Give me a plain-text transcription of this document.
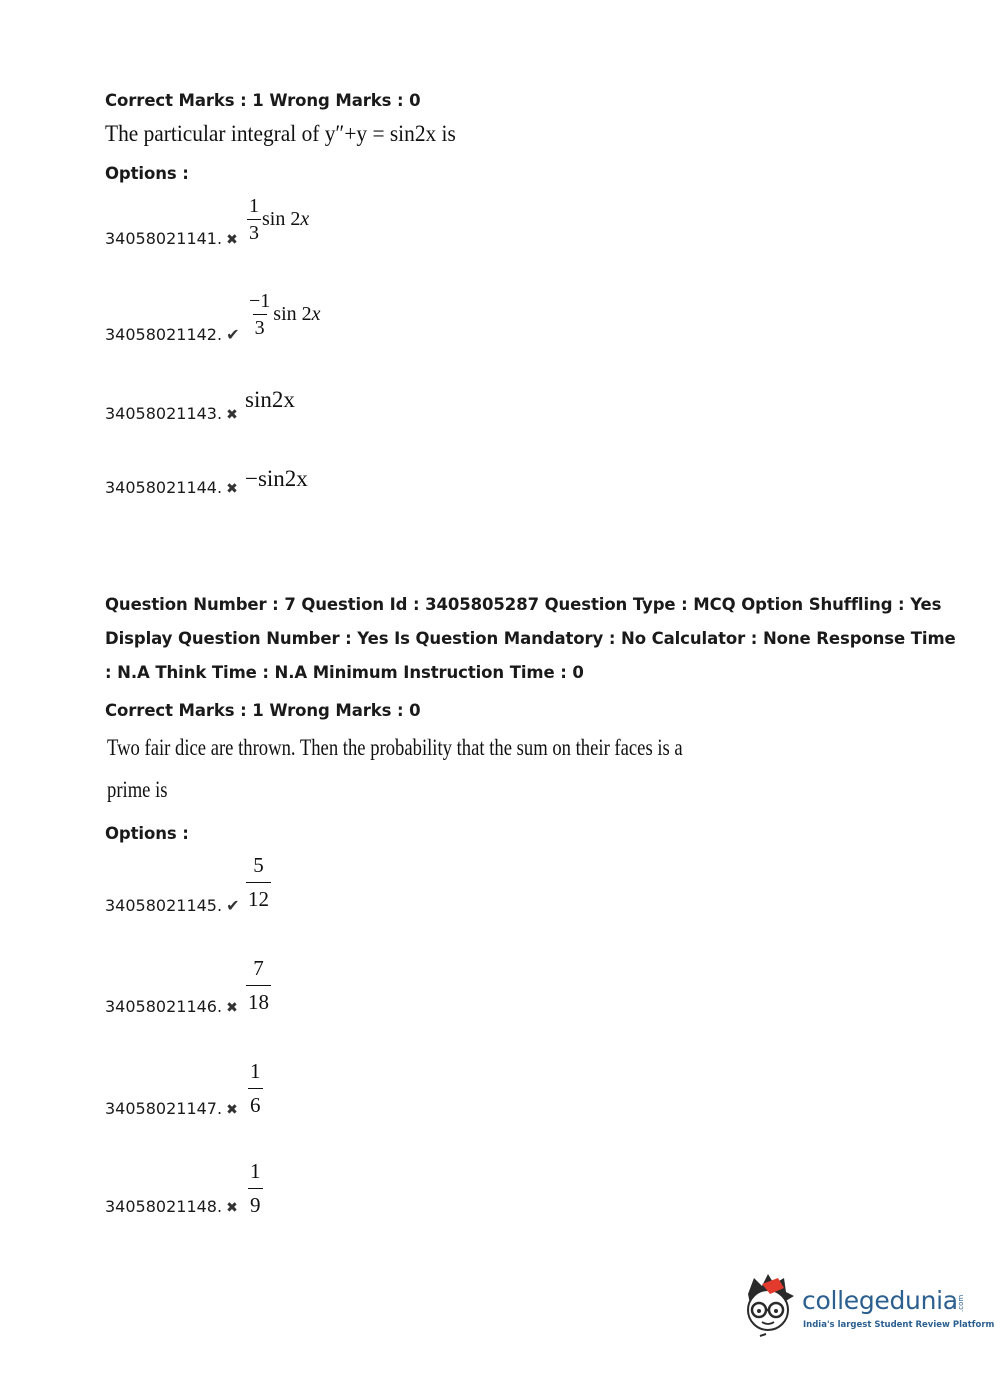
Correct Marks : 1 Wrong Marks : 0
The particular integral of y″+y = sin2x is
Options :
34058021141. ✖ $\frac{1}{3}$ sin 2x
34058021142. ✔ $\frac{-1}{3}$ sin 2x
34058021143. ✖
sin2x
34058021144. ✖ −sin2x
Question Number : 7 Question Id : 3405805287 Question Type : MCQ Option Shuffling : Yes
Display Question Number : Yes Is Question Mandatory : No Calculator : None Response Time
: N.A Think Time : N.A Minimum Instruction Time : 0
Correct Marks : 1 Wrong Marks : 0
Two fair dice are thrown. Then the probability that the sum on their faces is a
prime is
Options :
34058021145. ✔ $\frac{5}{12}$
34058021146. ✖ $\frac{7}{18}$
34058021147. ✖ $\frac{1}{6}$
34058021148. ✖ $\frac{1}{9}$
collegedunia .com
India's largest Student Review Platform
